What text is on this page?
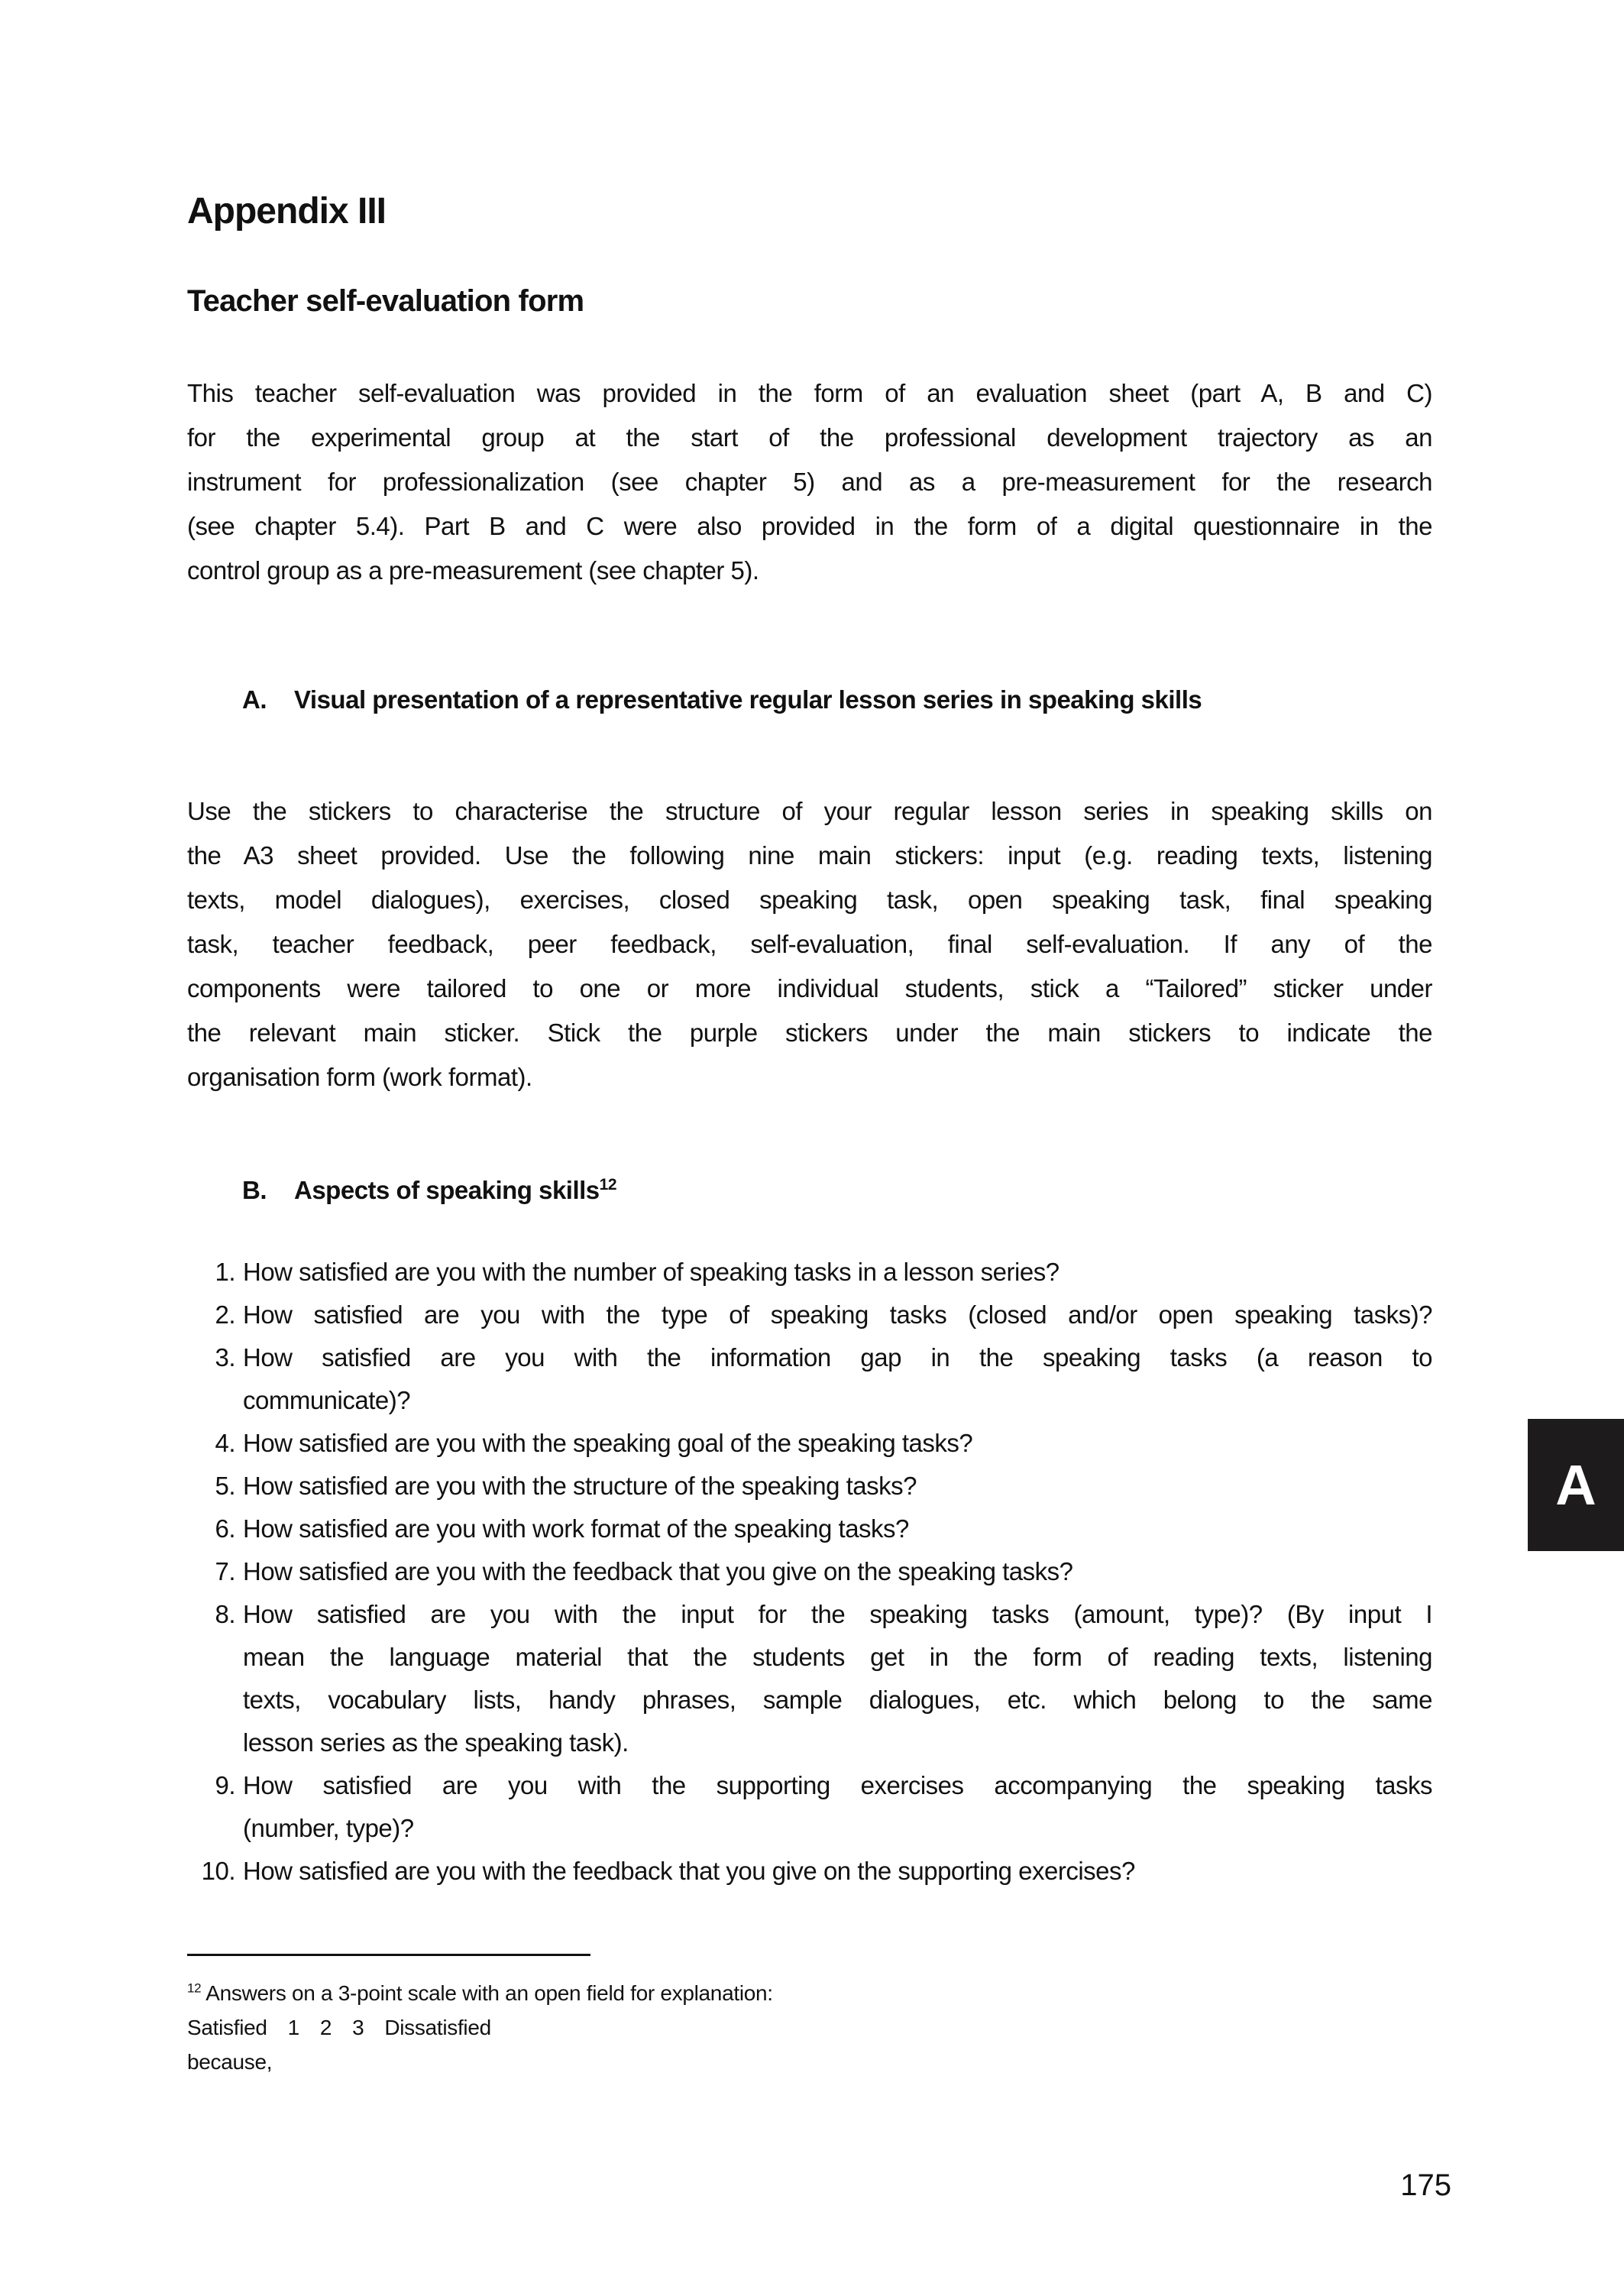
Appendix III
Teacher self-evaluation form
This teacher self-evaluation was provided in the form of an evaluation sheet (part A, B and C)
for the experimental group at the start of the professional development trajectory as an
instrument for professionalization (see chapter 5) and as a pre-measurement for the research
(see chapter 5.4). Part B and C were also provided in the form of a digital questionnaire in the
control group as a pre-measurement (see chapter 5).
A. Visual presentation of a representative regular lesson series in speaking skills
Use the stickers to characterise the structure of your regular lesson series in speaking skills on
the A3 sheet provided. Use the following nine main stickers: input (e.g. reading texts, listening
texts, model dialogues), exercises, closed speaking task, open speaking task, final speaking
task, teacher feedback, peer feedback, self-evaluation, final self-evaluation. If any of the
components were tailored to one or more individual students, stick a “Tailored” sticker under
the relevant main sticker. Stick the purple stickers under the main stickers to indicate the
organisation form (work format).
B. Aspects of speaking skills$^{12}$
1. How satisfied are you with the number of speaking tasks in a lesson series?
2. How satisfied are you with the type of speaking tasks (closed and/or open speaking tasks)?
3. How satisfied are you with the information gap in the speaking tasks (a reason to
communicate)?
4. How satisfied are you with the speaking goal of the speaking tasks?
5. How satisfied are you with the structure of the speaking tasks?
6. How satisfied are you with work format of the speaking tasks?
7. How satisfied are you with the feedback that you give on the speaking tasks?
8. How satisfied are you with the input for the speaking tasks (amount, type)? (By input I
mean the language material that the students get in the form of reading texts, listening
texts, vocabulary lists, handy phrases, sample dialogues, etc. which belong to the same
lesson series as the speaking task).
9. How satisfied are you with the supporting exercises accompanying the speaking tasks
(number, type)?
10. How satisfied are you with the feedback that you give on the supporting exercises?
$^{12}$ Answers on a 3-point scale with an open field for explanation:
Satisfied  1  2  3  Dissatisfied
because,
175
A
